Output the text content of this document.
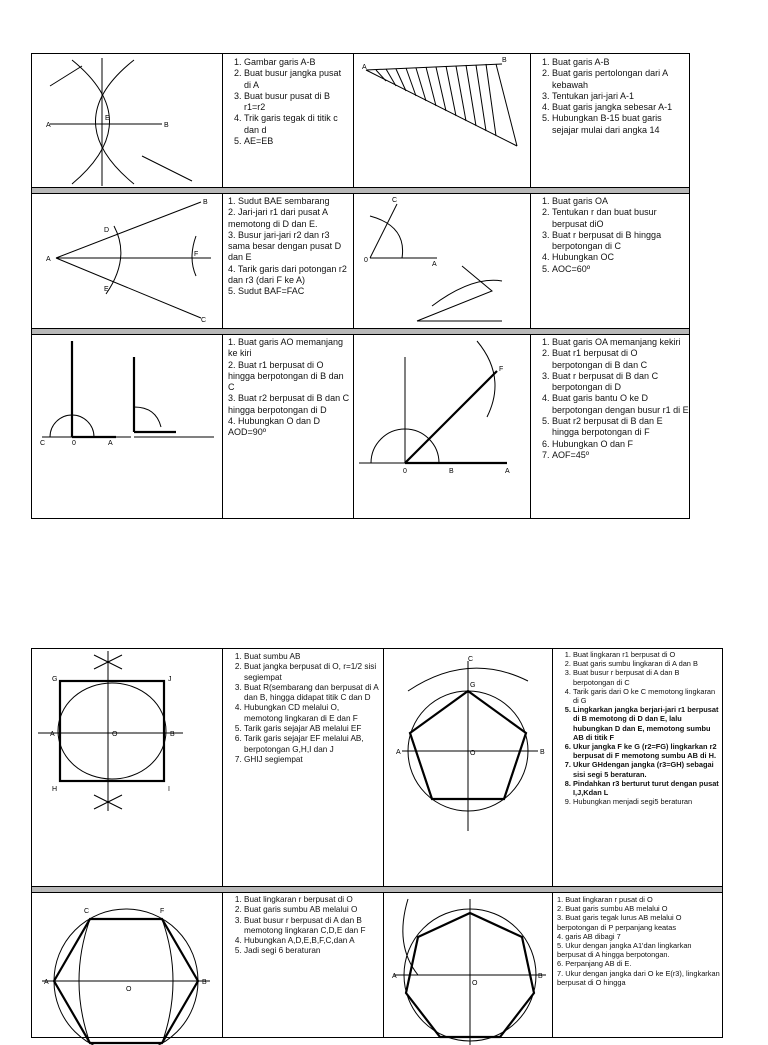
A	B
E
A
B
A
B
C
D
E
F
0
A
C
C	0	A
0	B	A
F
1. Gambar garis A-B
2. Buat busur jangka pusat di A
3. Buat busur pusat di B r1=r2
4. Trik garis tegak di titik c dan d
5. AE=EB
1. Buat garis A-B
2. Buat garis pertolongan dari A kebawah
3. Tentukan jari-jari A-1
4. Buat garis jangka sebesar A-1
5. Hubungkan B-15 buat garis sejajar mulai dari angka 14
1. Sudut BAE sembarang
2. Jari-jari r1 dari pusat A memotong di D dan E.
3. Busur jari-jari r2 dan r3 sama besar dengan pusat D dan E
4. Tarik garis dari potongan r2 dan r3 (dari F ke A)
5. Sudut BAF=FAC
1. Buat garis OA
2. Tentukan r dan buat busur berpusat diO
3. Buat r berpusat di B hingga berpotongan di C
4. Hubungkan OC
5. AOC=60º
1. Buat garis AO memanjang ke kiri
2. Buat r1 berpusat di O hingga berpotongan di B dan C
3. Buat r2 berpusat di B dan C hingga berpotongan di D
4. Hubungkan O dan D AOD=90º
1. Buat garis OA memanjang kekiri
2. Buat r1 berpusat di O berpotongan di B dan C
3. Buat r berpusat di B dan C berpotongan di D
4. Buat garis bantu O ke D berpotongan dengan busur r1 di E
5. Buat r2 berpusat di B dan E hingga berpotongan di F
6. Hubungkan O dan F
7. AOF=45º
G	J
H	I
A	O	B
A	B
O
G
C
A	B
O
C	F
A	B
O
1. Buat sumbu AB
2. Buat jangka berpusat di O, r=1/2 sisi segiempat
3. Buat R(sembarang dan berpusat di A dan B, hingga didapat titik C dan D
4. Hubungkan CD melalui O, memotong lingkaran di E dan F
5. Tarik garis sejajar AB melalui EF
6. Tarik garis sejajar EF melalui AB, berpotongan G,H,I dan J
7. GHIJ segiempat
1. Buat lingkaran r1 berpusat di O
2. Buat garis sumbu lingkaran di A dan B
3. Buat busur r berpusat di A dan B berpotongan di C
4. Tarik garis dari O ke C memotong lingkaran di G
5. Lingkarkan jangka berjari-jari r1 berpusat di B memotong di D dan E, lalu hubungkan D dan E, memotong sumbu AB di titik F
6. Ukur jangka F ke G (r2=FG) lingkarkan r2 berpusat di F memotong sumbu AB di H.
7. Ukur GHdengan jangka (r3=GH) sebagai sisi segi 5 beraturan.
8. Pindahkan r3 berturut turut dengan pusat I,J,Kdan L
9. Hubungkan menjadi segi5 beraturan
1. Buat lingkaran r berpusat di O
2. Buat garis sumbu AB melalui O
3. Buat busur r berpusat di A dan B memotong lingkaran C,D,E dan F
4. Hubungkan A,D,E,B,F,C,dan A
5. Jadi segi 6 beraturan
1. Buat lingkaran r pusat di O
2. Buat garis sumbu AB melalui O
3. Buat garis tegak lurus AB melalui O berpotongan di P perpanjang keatas
4. garis AB dibagi 7
5. Ukur dengan jangka A1'dan lingkarkan berpusat di A hingga berpotongan.
6. Perpanjang AB di E.
7. Ukur dengan jangka dari O ke E(r3), lingkarkan berpusat di O hingga
